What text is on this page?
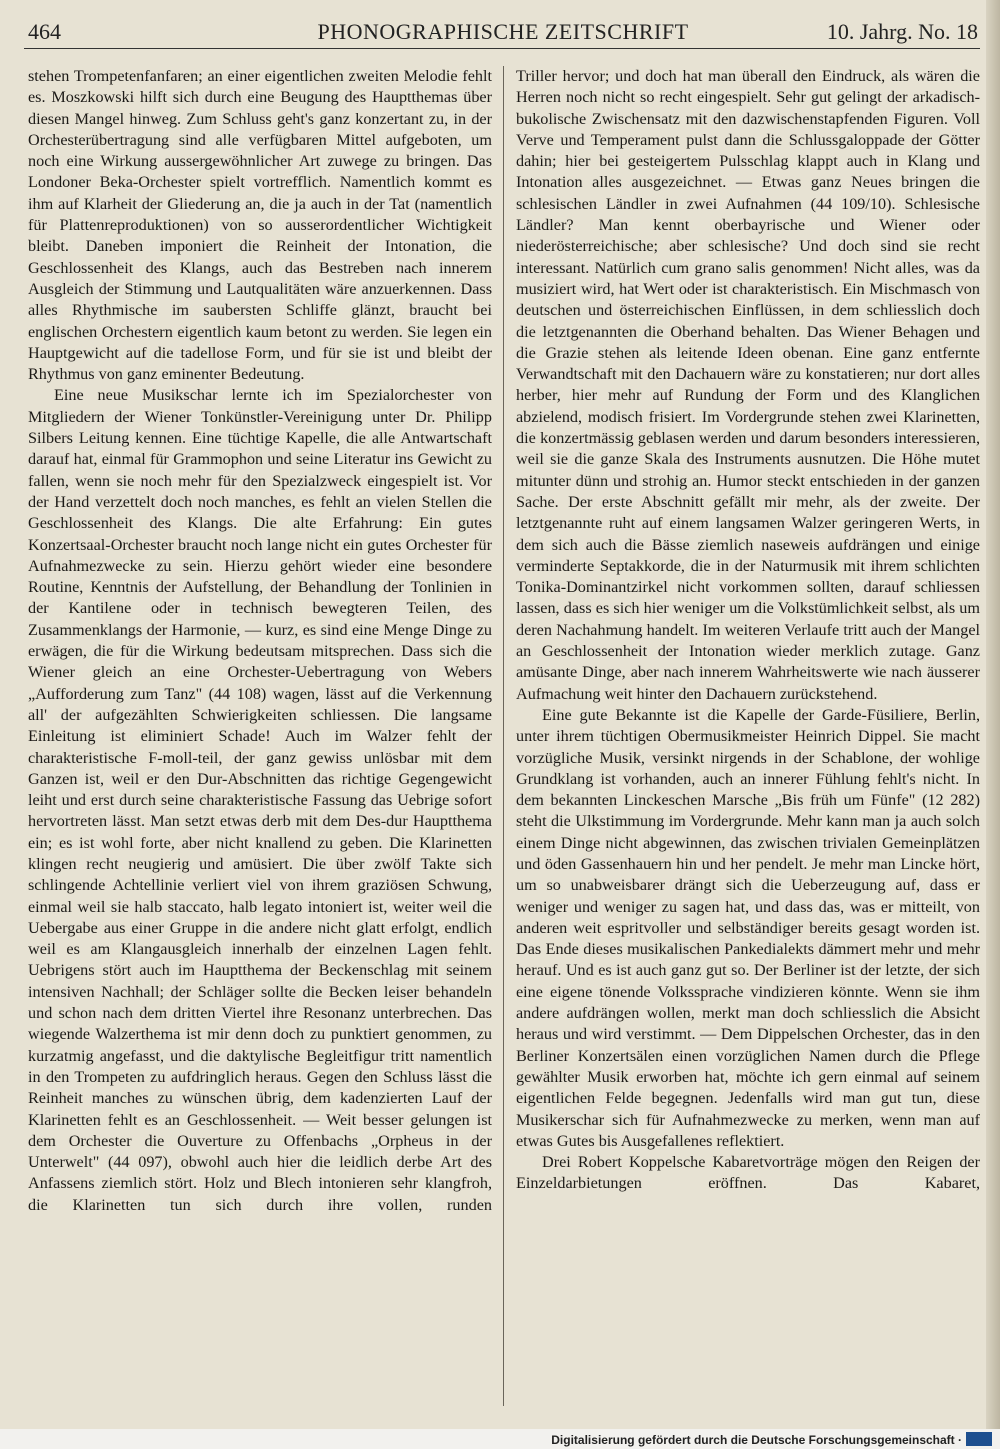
464	PHONOGRAPHISCHE ZEITSCHRIFT	10. Jahrg. No. 18

stehen Trompetenfanfaren; an einer eigentlichen zweiten Melodie fehlt es. Moszkowski hilft sich durch eine Beugung des Hauptthemas über diesen Mangel hinweg. Zum Schluss geht's ganz konzertant zu, in der Orchesterübertragung sind alle verfügbaren Mittel aufgeboten, um noch eine Wirkung aussergewöhnlicher Art zuwege zu bringen. Das Londoner Beka-Orchester spielt vortrefflich. Namentlich kommt es ihm auf Klarheit der Gliederung an, die ja auch in der Tat (namentlich für Plattenreproduktionen) von so ausserordentlicher Wichtigkeit bleibt. Daneben imponiert die Reinheit der Intonation, die Geschlossenheit des Klangs, auch das Bestreben nach innerem Ausgleich der Stimmung und Lautqualitäten wäre anzuerkennen. Dass alles Rhythmische im saubersten Schliffe glänzt, braucht bei englischen Orchestern eigentlich kaum betont zu werden. Sie legen ein Hauptgewicht auf die tadellose Form, und für sie ist und bleibt der Rhythmus von ganz eminenter Bedeutung.

Eine neue Musikschar lernte ich im Spezialorchester von Mitgliedern der Wiener Tonkünstler-Vereinigung unter Dr. Philipp Silbers Leitung kennen. Eine tüchtige Kapelle, die alle Antwartschaft darauf hat, einmal für Grammophon und seine Literatur ins Gewicht zu fallen, wenn sie noch mehr für den Spezialzweck eingespielt ist. Vor der Hand verzettelt doch noch manches, es fehlt an vielen Stellen die Geschlossenheit des Klangs. Die alte Erfahrung: Ein gutes Konzertsaal-Orchester braucht noch lange nicht ein gutes Orchester für Aufnahmezwecke zu sein. Hierzu gehört wieder eine besondere Routine, Kenntnis der Aufstellung, der Behandlung der Tonlinien in der Kantilene oder in technisch bewegteren Teilen, des Zusammenklangs der Harmonie, — kurz, es sind eine Menge Dinge zu erwägen, die für die Wirkung bedeutsam mitsprechen. Dass sich die Wiener gleich an eine Orchester-Uebertragung von Webers „Aufforderung zum Tanz" (44 108) wagen, lässt auf die Verkennung all' der aufgezählten Schwierigkeiten schliessen. Die langsame Einleitung ist eliminiert Schade! Auch im Walzer fehlt der charakteristische F-moll-teil, der ganz gewiss unlösbar mit dem Ganzen ist, weil er den Dur-Abschnitten das richtige Gegengewicht leiht und erst durch seine charakteristische Fassung das Uebrige sofort hervortreten lässt. Man setzt etwas derb mit dem Des-dur Hauptthema ein; es ist wohl forte, aber nicht knallend zu geben. Die Klarinetten klingen recht neugierig und amüsiert. Die über zwölf Takte sich schlingende Achtellinie verliert viel von ihrem graziösen Schwung, einmal weil sie halb staccato, halb legato intoniert ist, weiter weil die Uebergabe aus einer Gruppe in die andere nicht glatt erfolgt, endlich weil es am Klangausgleich innerhalb der einzelnen Lagen fehlt. Uebrigens stört auch im Hauptthema der Beckenschlag mit seinem intensiven Nachhall; der Schläger sollte die Becken leiser behandeln und schon nach dem dritten Viertel ihre Resonanz unterbrechen. Das wiegende Walzerthema ist mir denn doch zu punktiert genommen, zu kurzatmig angefasst, und die daktylische Begleitfigur tritt namentlich in den Trompeten zu aufdringlich heraus. Gegen den Schluss lässt die Reinheit manches zu wünschen übrig, dem kadenzierten Lauf der Klarinetten fehlt es an Geschlossenheit. — Weit besser gelungen ist dem Orchester die Ouverture zu Offenbachs „Orpheus in der Unterwelt" (44 097), obwohl auch hier die leidlich derbe Art des Anfassens ziemlich stört. Holz und Blech intonieren sehr klangfroh, die Klarinetten tun sich durch ihre vollen, runden

Triller hervor; und doch hat man überall den Eindruck, als wären die Herren noch nicht so recht eingespielt. Sehr gut gelingt der arkadisch-bukolische Zwischensatz mit den dazwischenstapfenden Figuren. Voll Verve und Temperament pulst dann die Schlussgaloppade der Götter dahin; hier bei gesteigertem Pulsschlag klappt auch in Klang und Intonation alles ausgezeichnet. — Etwas ganz Neues bringen die schlesischen Ländler in zwei Aufnahmen (44 109/10). Schlesische Ländler? Man kennt oberbayrische und Wiener oder niederösterreichische; aber schlesische? Und doch sind sie recht interessant. Natürlich cum grano salis genommen! Nicht alles, was da musiziert wird, hat Wert oder ist charakteristisch. Ein Mischmasch von deutschen und österreichischen Einflüssen, in dem schliesslich doch die letztgenannten die Oberhand behalten. Das Wiener Behagen und die Grazie stehen als leitende Ideen obenan. Eine ganz entfernte Verwandtschaft mit den Dachauern wäre zu konstatieren; nur dort alles herber, hier mehr auf Rundung der Form und des Klanglichen abzielend, modisch frisiert. Im Vordergrunde stehen zwei Klarinetten, die konzertmässig geblasen werden und darum besonders interessieren, weil sie die ganze Skala des Instruments ausnutzen. Die Höhe mutet mitunter dünn und strohig an. Humor steckt entschieden in der ganzen Sache. Der erste Abschnitt gefällt mir mehr, als der zweite. Der letztgenannte ruht auf einem langsamen Walzer geringeren Werts, in dem sich auch die Bässe ziemlich naseweis aufdrängen und einige verminderte Septakkorde, die in der Naturmusik mit ihrem schlichten Tonika-Dominantzirkel nicht vorkommen sollten, darauf schliessen lassen, dass es sich hier weniger um die Volkstümlichkeit selbst, als um deren Nachahmung handelt. Im weiteren Verlaufe tritt auch der Mangel an Geschlossenheit der Intonation wieder merklich zutage. Ganz amüsante Dinge, aber nach innerem Wahrheitswerte wie nach äusserer Aufmachung weit hinter den Dachauern zurückstehend.

Eine gute Bekannte ist die Kapelle der Garde-Füsiliere, Berlin, unter ihrem tüchtigen Obermusikmeister Heinrich Dippel. Sie macht vorzügliche Musik, versinkt nirgends in der Schablone, der wohlige Grundklang ist vorhanden, auch an innerer Fühlung fehlt's nicht. In dem bekannten Linckeschen Marsche „Bis früh um Fünfe" (12 282) steht die Ulkstimmung im Vordergrunde. Mehr kann man ja auch solch einem Dinge nicht abgewinnen, das zwischen trivialen Gemeinplätzen und öden Gassenhauern hin und her pendelt. Je mehr man Lincke hört, um so unabweisbarer drängt sich die Ueberzeugung auf, dass er weniger und weniger zu sagen hat, und dass das, was er mitteilt, von anderen weit espritvoller und selbständiger bereits gesagt worden ist. Das Ende dieses musikalischen Pankedialekts dämmert mehr und mehr herauf. Und es ist auch ganz gut so. Der Berliner ist der letzte, der sich eine eigene tönende Volkssprache vindizieren könnte. Wenn sie ihm andere aufdrängen wollen, merkt man doch schliesslich die Absicht heraus und wird verstimmt. — Dem Dippelschen Orchester, das in den Berliner Konzertsälen einen vorzüglichen Namen durch die Pflege gewählter Musik erworben hat, möchte ich gern einmal auf seinem eigentlichen Felde begegnen. Jedenfalls wird man gut tun, diese Musikerschar sich für Aufnahmezwecke zu merken, wenn man auf etwas Gutes bis Ausgefallenes reflektiert.

Drei Robert Koppelsche Kabaretvorträge mögen den Reigen der Einzeldarbietungen eröffnen. Das Kabaret,

Digitalisierung gefördert durch die Deutsche Forschungsgemeinschaft ·
